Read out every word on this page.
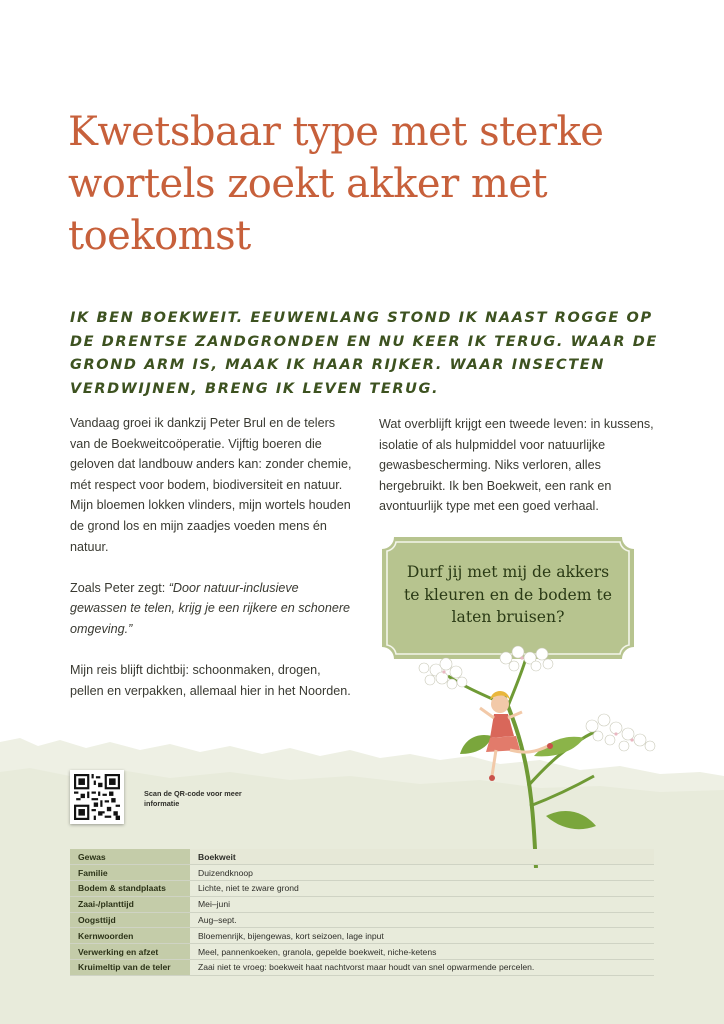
Kwetsbaar type met sterke wortels zoekt akker met toekomst
IK BEN BOEKWEIT. EEUWENLANG STOND IK NAAST ROGGE OP DE DRENTSE ZANDGRONDEN EN NU KEER IK TERUG. WAAR DE GROND ARM IS, MAAK IK HAAR RIJKER. WAAR INSECTEN VERDWIJNEN, BRENG IK LEVEN TERUG.

Vandaag groei ik dankzij Peter Brul en de telers van de Boekweitcoöperatie. Vijftig boeren die geloven dat landbouw anders kan: zonder chemie, mét respect voor bodem, biodiversiteit en natuur. Mijn bloemen lokken vlinders, mijn wortels houden de grond los en mijn zaadjes voeden mens én natuur.

Zoals Peter zegt: “Door natuur-inclusieve gewassen te telen, krijg je een rijkere en schonere omgeving.”

Mijn reis blijft dichtbij: schoonmaken, drogen, pellen en verpakken, allemaal hier in het Noorden.

Wat overblijft krijgt een tweede leven: in kussens, isolatie of als hulpmiddel voor natuurlijke gewasbescherming. Niks verloren, alles hergebruikt. Ik ben Boekweit, een rank en avontuurlijk type met een goed verhaal.

Durf jij met mij de akkers te kleuren en de bodem te laten bruisen?
Scan de QR-code voor meer informatie
Gewas	Boekweit
Familie	Duizendknoop
Bodem & standplaats	Lichte, niet te zware grond
Zaai-/planttijd	Mei–juni
Oogsttijd	Aug–sept.
Kernwoorden	Bloemenrijk, bijengewas, kort seizoen, lage input
Verwerking en afzet	Meel, pannenkoeken, granola, gepelde boekweit, niche-ketens
Kruimeltip van de teler	Zaai niet te vroeg: boekweit haat nachtvorst maar houdt van snel opwarmende percelen.
